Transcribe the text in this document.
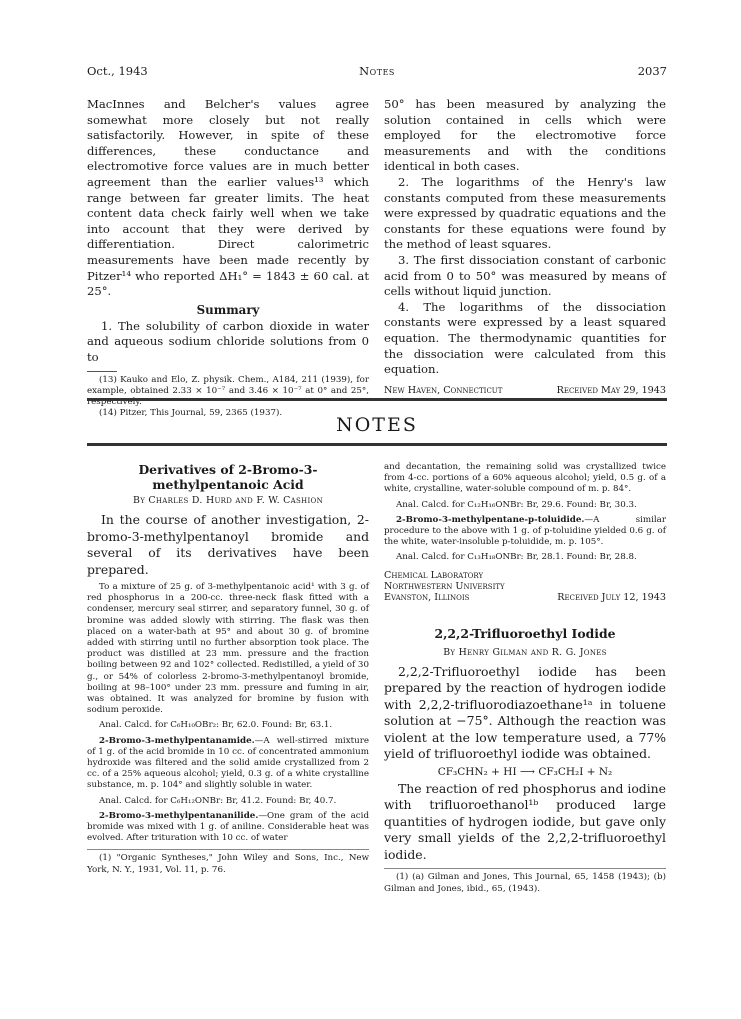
Oct., 1943	Notes	2037

MacInnes and Belcher's values agree somewhat more closely but not really satisfactorily. However, in spite of these differences, these conductance and electromotive force values are in much better agreement than the earlier values¹³ which range between far greater limits. The heat content data check fairly well when we take into account that they were derived by differentiation. Direct calorimetric measurements have been made recently by Pitzer¹⁴ who reported ΔH₁° = 1843 ± 60 cal. at 25°.

Summary

1. The solubility of carbon dioxide in water and aqueous sodium chloride solutions from 0 to

(13) Kauko and Elo, Z. physik. Chem., A184, 211 (1939), for example, obtained 2.33 × 10⁻⁷ and 3.46 × 10⁻⁷ at 0° and 25°, respectively.

(14) Pitzer, This Journal, 59, 2365 (1937).

50° has been measured by analyzing the solution contained in cells which were employed for the electromotive force measurements and with the conditions identical in both cases.

2. The logarithms of the Henry's law constants computed from these measurements were expressed by quadratic equations and the constants for these equations were found by the method of least squares.

3. The first dissociation constant of carbonic acid from 0 to 50° was measured by means of cells without liquid junction.

4. The logarithms of the dissociation constants were expressed by a least squared equation. The thermodynamic quantities for the dissociation were calculated from this equation.

New Haven, Connecticut	Received May 29, 1943
NOTES

Derivatives of 2-Bromo-3-methylpentanoic Acid

By Charles D. Hurd and F. W. Cashion

In the course of another investigation, 2-bromo-3-methylpentanoyl bromide and several of its derivatives have been prepared.

To a mixture of 25 g. of 3-methylpentanoic acid¹ with 3 g. of red phosphorus in a 200-cc. three-neck flask fitted with a condenser, mercury seal stirrer, and separatory funnel, 30 g. of bromine was added slowly with stirring. The flask was then placed on a water-bath at 95° and about 30 g. of bromine added with stirring until no further absorption took place. The product was distilled at 23 mm. pressure and the fraction boiling between 92 and 102° collected. Redistilled, a yield of 30 g., or 54% of colorless 2-bromo-3-methylpentanoyl bromide, boiling at 98–100° under 23 mm. pressure and fuming in air, was obtained. It was analyzed for bromine by fusion with sodium peroxide.

Anal. Calcd. for C₆H₁₀OBr₂: Br, 62.0. Found: Br, 63.1.

2-Bromo-3-methylpentanamide.—A well-stirred mixture of 1 g. of the acid bromide in 10 cc. of concentrated ammonium hydroxide was filtered and the solid amide crystallized from 2 cc. of a 25% aqueous alcohol; yield, 0.3 g. of a white crystalline substance, m. p. 104° and slightly soluble in water.

Anal. Calcd. for C₆H₁₂ONBr: Br, 41.2. Found: Br, 40.7.

2-Bromo-3-methylpentananilide.—One gram of the acid bromide was mixed with 1 g. of aniline. Considerable heat was evolved. After trituration with 10 cc. of water

(1) "Organic Syntheses," John Wiley and Sons, Inc., New York, N. Y., 1931, Vol. 11, p. 76.

and decantation, the remaining solid was crystallized twice from 4-cc. portions of a 60% aqueous alcohol; yield, 0.5 g. of a white, crystalline, water-soluble compound of m. p. 84°.

Anal. Calcd. for C₁₂H₁₆ONBr: Br, 29.6. Found: Br, 30.3.

2-Bromo-3-methylpentane-p-toluidide.—A similar procedure to the above with 1 g. of p-toluidine yielded 0.6 g. of the white, water-insoluble p-toluidide, m. p. 105°.

Anal. Calcd. for C₁₃H₁₈ONBr: Br, 28.1. Found: Br, 28.8.

Chemical Laboratory
Northwestern University
Evanston, Illinois	Received July 12, 1943

2,2,2-Trifluoroethyl Iodide

By Henry Gilman and R. G. Jones

2,2,2-Trifluoroethyl iodide has been prepared by the reaction of hydrogen iodide with 2,2,2-trifluorodiazoethane¹ᵃ in toluene solution at −75°. Although the reaction was violent at the low temperature used, a 77% yield of trifluoroethyl iodide was obtained.

CF₃CHN₂ + HI ⟶ CF₃CH₂I + N₂

The reaction of red phosphorus and iodine with trifluoroethanol¹ᵇ produced large quantities of hydrogen iodide, but gave only very small yields of the 2,2,2-trifluoroethyl iodide.

(1) (a) Gilman and Jones, This Journal, 65, 1458 (1943); (b) Gilman and Jones, ibid., 65, (1943).
